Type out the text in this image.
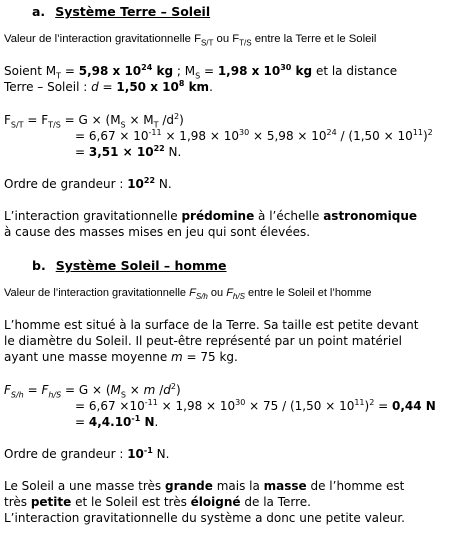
a. Système Terre – Soleil
Valeur de l’interaction gravitationnelle $F_{S/T}$ ou $F_{T/S}$ entre la Terre et le Soleil
Soient $M_T = 5,98$ x $10^{24}$ kg ; $M_S = 1,98$ x $10^{30}$ kg et la distance
Terre – Soleil : d = 1,50 x $10^8$ km.
$F_{S/T} = F_{T/S} = G \times (M_S \times M_T$ $/d^2$)
= $6,67 \times 10^{-11} \times 1,98 \times 10^{30} \times 5,98 \times 10^{24} / (1,50 \times 10^{11})^2$
= $3,51 \times 10^{22}$ N.
Ordre de grandeur : $10^{22}$ N.
L’interaction gravitationnelle prédomine à l’échelle astronomique
à cause des masses mises en jeu qui sont élevées.
b. Système Soleil – homme
Valeur de l’interaction gravitationnelle $F_{S/h}$ ou $F_{h/S}$ entre le Soleil et l’homme
L’homme est situé à la surface de la Terre. Sa taille est petite devant
le diamètre du Soleil. Il peut-être représenté par un point matériel
ayant une masse moyenne m = 75 kg.
$F_{S/h} = F_{h/S} = G \times (M_S \times m$ $/d^2$)
= $6,67 \times 10^{-11} \times 1,98 \times 10^{30} \times 75 / (1,50 \times 10^{11})^2 = 0,44$ N
= $4,4.10^{-1}$ N.
Ordre de grandeur : $10^{-1}$ N.
Le Soleil a une masse très grande mais la masse de l’homme est
très petite et le Soleil est très éloigné de la Terre.
L’interaction gravitationnelle du système a donc une petite valeur.
